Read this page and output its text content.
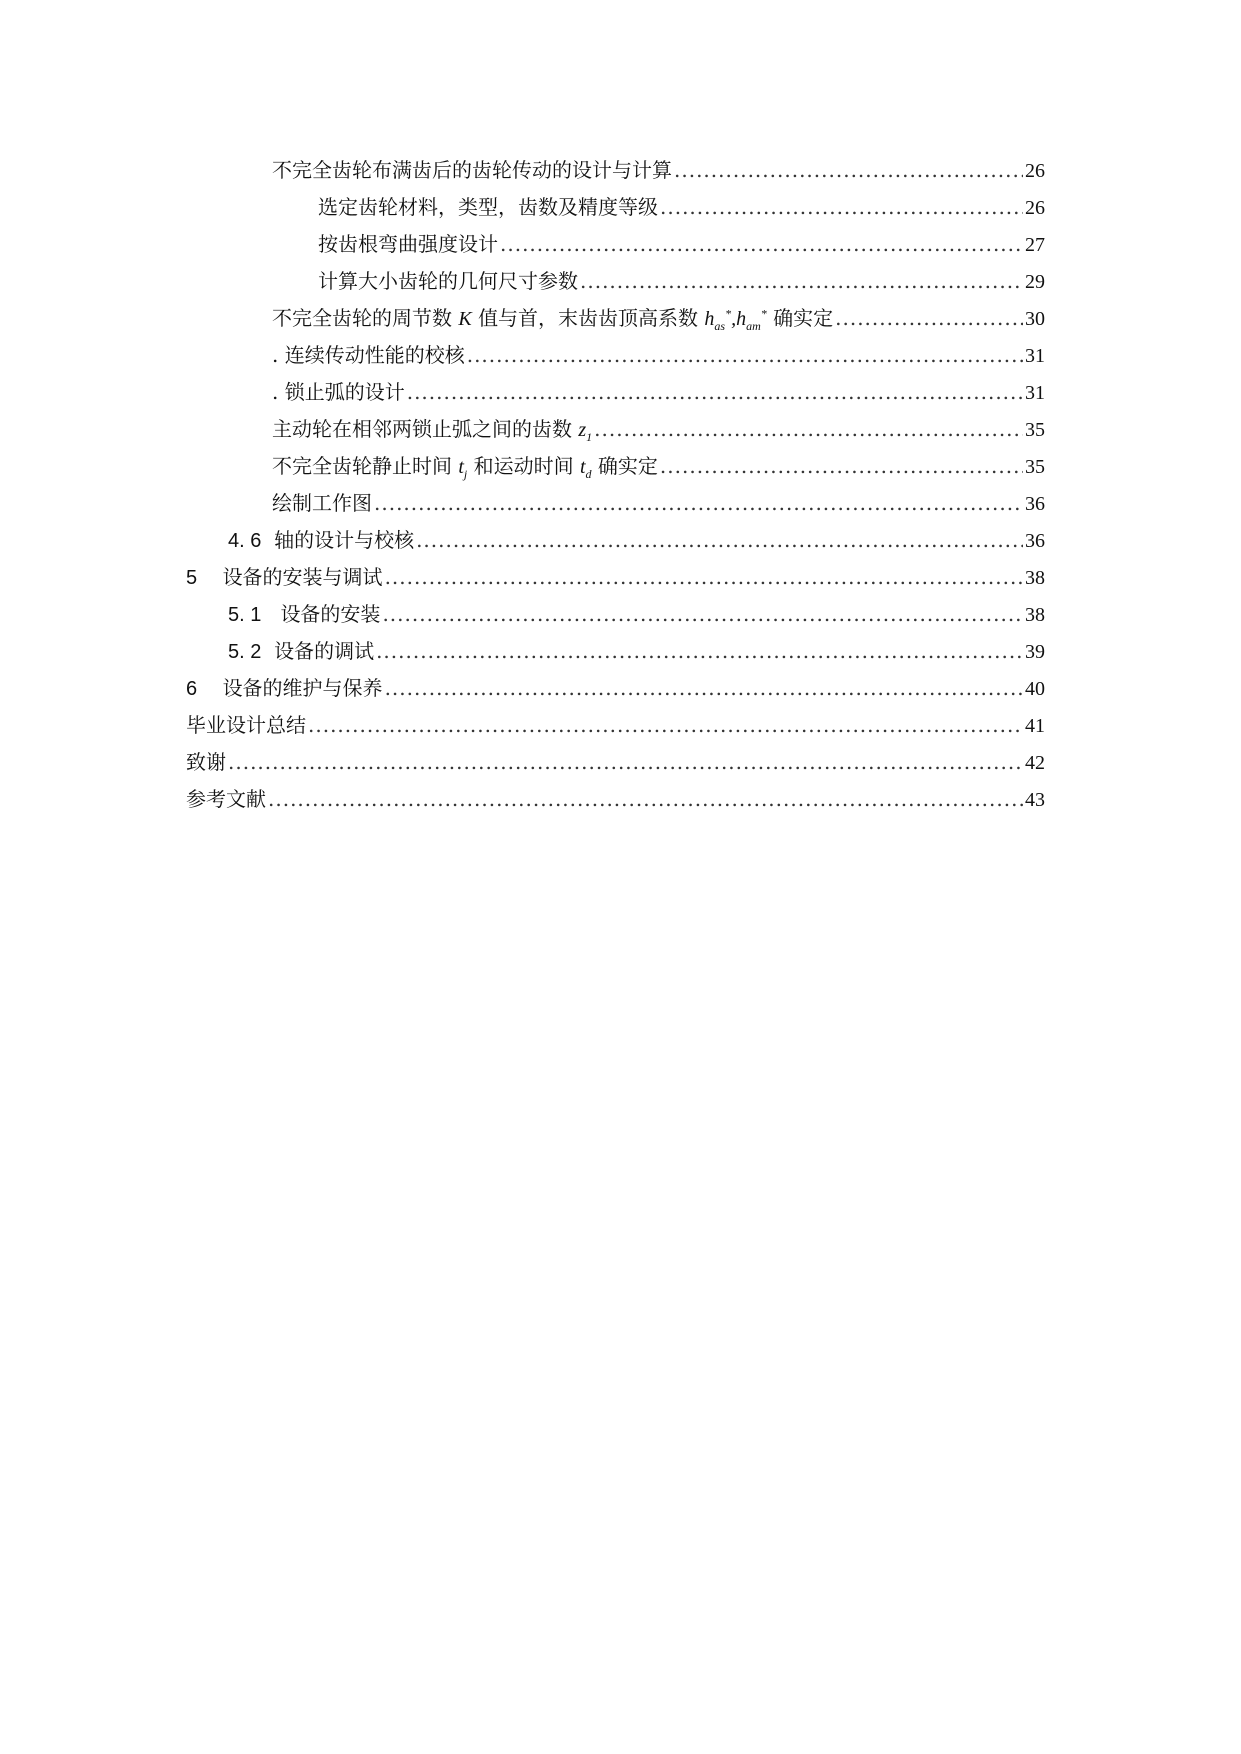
不完全齿轮布满齿后的齿轮传动的设计与计算 .....	26
选定齿轮材料，类型，齿数及精度等级 .....	26
按齿根弯曲强度设计 .....	27
计算大小齿轮的几何尺寸参数 .....	29
不完全齿轮的周节数 K 值与首，末齿齿顶高系数 $h_{as}^*,h_{am}^*$ 确实定 .....	30
. 连续传动性能的校核 .....	31
. 锁止弧的设计 .....	31
主动轮在相邻两锁止弧之间的齿数 $z_1$ .....	35
不完全齿轮静止时间 $t_j$ 和运动时间 $t_d$ 确实定 .....	35
绘制工作图 .....	36
4. 6 轴的设计与校核 .....	36
5 设备的安装与调试 .....	38
5. 1 设备的安装 .....	38
5. 2 设备的调试 .....	39
6 设备的维护与保养 .....	40
毕业设计总结 .....	41
致谢 .....	42
参考文献 .....	43
